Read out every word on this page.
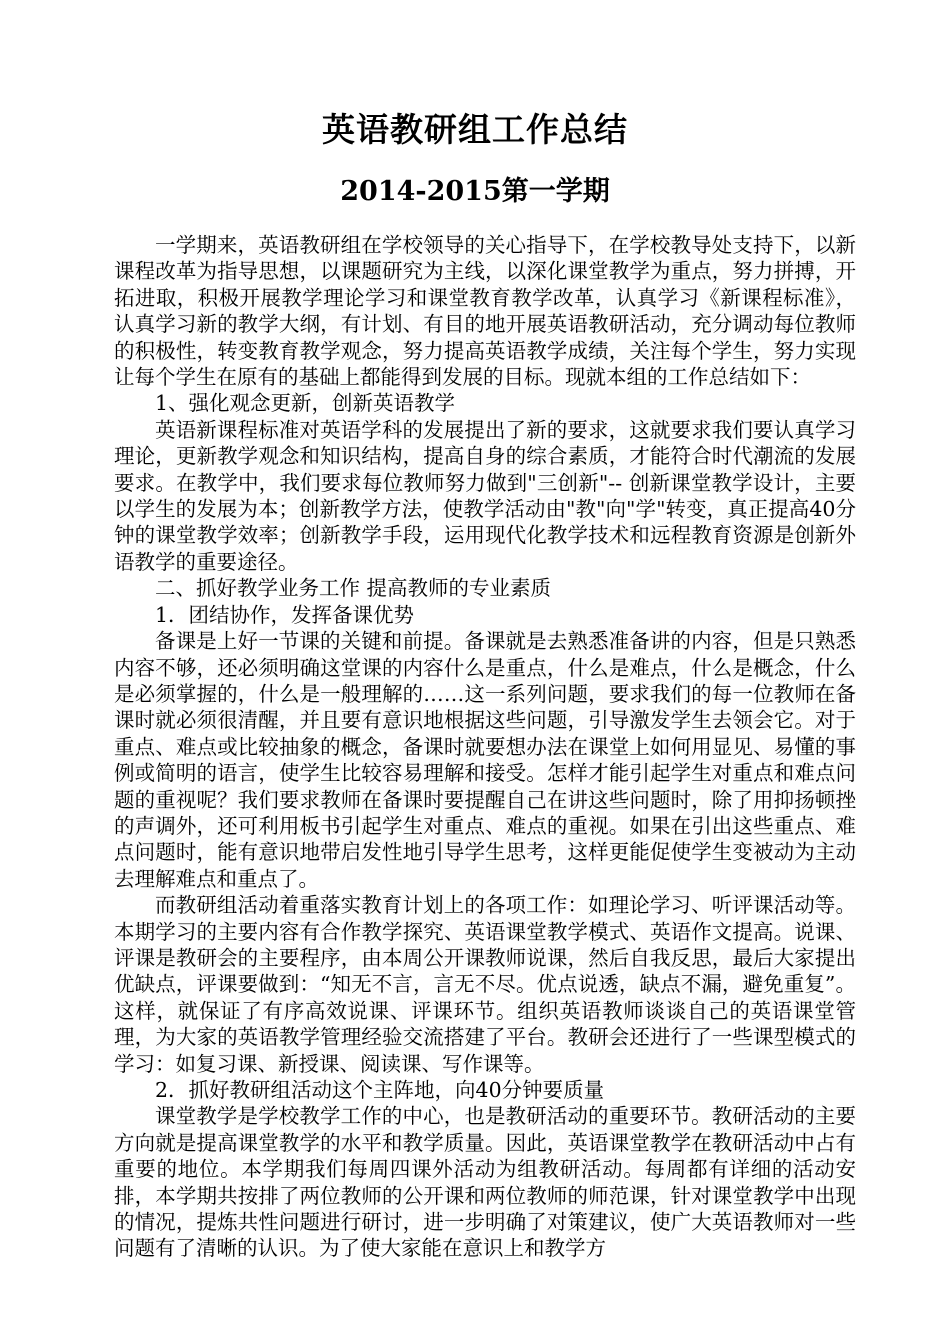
英语教研组工作总结
2014-2015第一学期

一学期来，英语教研组在学校领导的关心指导下，在学校教导处支持下，以新课程改革为指导思想，以课题研究为主线，以深化课堂教学为重点，努力拼搏，开拓进取，积极开展教学理论学习和课堂教育教学改革，认真学习《新课程标准》，认真学习新的教学大纲，有计划、有目的地开展英语教研活动，充分调动每位教师的积极性，转变教育教学观念，努力提高英语教学成绩，关注每个学生，努力实现让每个学生在原有的基础上都能得到发展的目标。现就本组的工作总结如下：

1、强化观念更新，创新英语教学

英语新课程标准对英语学科的发展提出了新的要求，这就要求我们要认真学习理论，更新教学观念和知识结构，提高自身的综合素质，才能符合时代潮流的发展要求。在教学中，我们要求每位教师努力做到"三创新"-- 创新课堂教学设计，主要以学生的发展为本；创新教学方法，使教学活动由"教"向"学"转变，真正提高40分钟的课堂教学效率；创新教学手段，运用现代化教学技术和远程教育资源是创新外语教学的重要途径。

二、抓好教学业务工作 提高教师的专业素质

1．团结协作，发挥备课优势

备课是上好一节课的关键和前提。备课就是去熟悉准备讲的内容，但是只熟悉内容不够，还必须明确这堂课的内容什么是重点，什么是难点，什么是概念，什么是必须掌握的，什么是一般理解的……这一系列问题，要求我们的每一位教师在备课时就必须很清醒，并且要有意识地根据这些问题，引导激发学生去领会它。对于重点、难点或比较抽象的概念，备课时就要想办法在课堂上如何用显见、易懂的事例或简明的语言，使学生比较容易理解和接受。怎样才能引起学生对重点和难点问题的重视呢？我们要求教师在备课时要提醒自己在讲这些问题时，除了用抑扬顿挫的声调外，还可利用板书引起学生对重点、难点的重视。如果在引出这些重点、难点问题时，能有意识地带启发性地引导学生思考，这样更能促使学生变被动为主动去理解难点和重点了。

而教研组活动着重落实教育计划上的各项工作：如理论学习、听评课活动等。本期学习的主要内容有合作教学探究、英语课堂教学模式、英语作文提高。说课、评课是教研会的主要程序，由本周公开课教师说课，然后自我反思，最后大家提出优缺点，评课要做到：“知无不言，言无不尽。优点说透，缺点不漏，避免重复”。这样，就保证了有序高效说课、评课环节。组织英语教师谈谈自己的英语课堂管理，为大家的英语教学管理经验交流搭建了平台。教研会还进行了一些课型模式的学习：如复习课、新授课、阅读课、写作课等。

2．抓好教研组活动这个主阵地，向40分钟要质量

课堂教学是学校教学工作的中心，也是教研活动的重要环节。教研活动的主要方向就是提高课堂教学的水平和教学质量。因此，英语课堂教学在教研活动中占有重要的地位。本学期我们每周四课外活动为组教研活动。每周都有详细的活动安排，本学期共按排了两位教师的公开课和两位教师的师范课，针对课堂教学中出现的情况，提炼共性问题进行研讨，进一步明确了对策建议，使广大英语教师对一些问题有了清晰的认识。为了使大家能在意识上和教学方
